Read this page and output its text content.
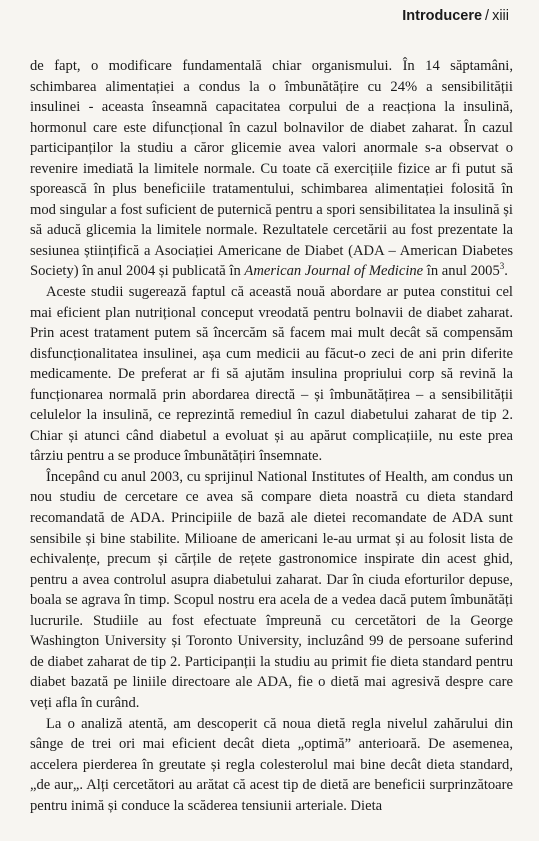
Introducere / xiii

de fapt, o modificare fundamentală chiar organismului. În 14 săptamâni, schimbarea alimentației a condus la o îmbunătățire cu 24% a sensibilității insulinei - aceasta înseamnă capacitatea corpului de a reacționa la insulină, hormonul care este difuncțional în cazul bolnavilor de diabet zaharat. În cazul participanților la studiu a căror glicemie avea valori anormale s-a observat o revenire imediată la limitele normale. Cu toate că exercițiile fizice ar fi putut să sporească în plus beneficiile tratamentului, schimbarea alimentației folosită în mod singular a fost suficient de puternică pentru a spori sensibilitatea la insulină și să aducă glicemia la limitele normale. Rezultatele cercetării au fost prezentate la sesiunea științifică a Asociației Americane de Diabet (ADA – American Diabetes Society) în anul 2004 și publicată în American Journal of Medicine în anul 2005$^3$.

Aceste studii sugerează faptul că această nouă abordare ar putea constitui cel mai eficient plan nutrițional conceput vreodată pentru bolnavii de diabet zaharat. Prin acest tratament putem să încercăm să facem mai mult decât să compensăm disfuncționalitatea insulinei, așa cum medicii au făcut-o zeci de ani prin diferite medicamente. De preferat ar fi să ajutăm insulina propriului corp să revină la funcționarea normală prin abordarea directă – și îmbunătățirea – a sensibilității celulelor la insulină, ce reprezintă remediul în cazul diabetului zaharat de tip 2. Chiar și atunci când diabetul a evoluat și au apărut complicațiile, nu este prea târziu pentru a se produce îmbunătățiri însemnate.

Începând cu anul 2003, cu sprijinul National Institutes of Health, am condus un nou studiu de cercetare ce avea să compare dieta noastră cu dieta standard recomandată de ADA. Principiile de bază ale dietei recomandate de ADA sunt sensibile și bine stabilite. Milioane de americani le-au urmat și au folosit lista de echivalențe, precum și cărțile de rețete gastronomice inspirate din acest ghid, pentru a avea controlul asupra diabetului zaharat. Dar în ciuda eforturilor depuse, boala se agrava în timp. Scopul nostru era acela de a vedea dacă putem îmbunătăți lucrurile. Studiile au fost efectuate împreună cu cercetători de la George Washington University și Toronto University, incluzând 99 de persoane suferind de diabet zaharat de tip 2. Participanții la studiu au primit fie dieta standard pentru diabet bazată pe liniile directoare ale ADA, fie o dietă mai agresivă despre care veți afla în curând.

La o analiză atentă, am descoperit că noua dietă regla nivelul zahărului din sânge de trei ori mai eficient decât dieta „optimă” anterioară. De asemenea, accelera pierderea în greutate și regla colesterolul mai bine decât dieta standard, „de aur„. Alți cercetători au arătat că acest tip de dietă are beneficii surprinzătoare pentru inimă și conduce la scăderea tensiunii arteriale. Dieta
